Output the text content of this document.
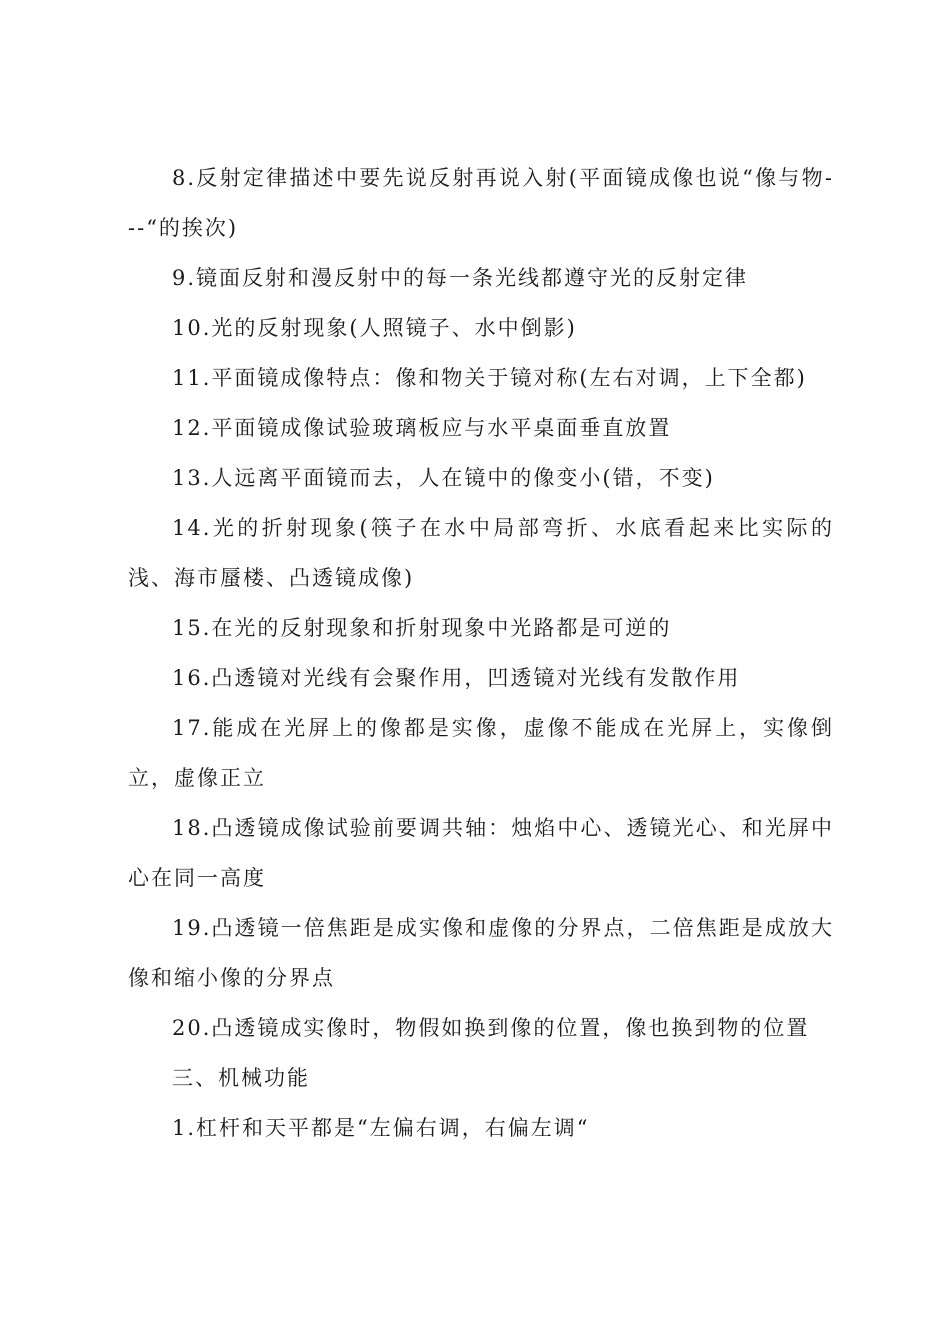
8.反射定律描述中要先说反射再说入射(平面镜成像也说“像与物---“的挨次)

9.镜面反射和漫反射中的每一条光线都遵守光的反射定律

10.光的反射现象(人照镜子、水中倒影)

11.平面镜成像特点：像和物关于镜对称(左右对调，上下全都)

12.平面镜成像试验玻璃板应与水平桌面垂直放置

13.人远离平面镜而去，人在镜中的像变小(错，不变)

14.光的折射现象(筷子在水中局部弯折、水底看起来比实际的浅、海市蜃楼、凸透镜成像)

15.在光的反射现象和折射现象中光路都是可逆的

16.凸透镜对光线有会聚作用，凹透镜对光线有发散作用

17.能成在光屏上的像都是实像，虚像不能成在光屏上，实像倒立，虚像正立

18.凸透镜成像试验前要调共轴：烛焰中心、透镜光心、和光屏中心在同一高度

19.凸透镜一倍焦距是成实像和虚像的分界点，二倍焦距是成放大像和缩小像的分界点

20.凸透镜成实像时，物假如换到像的位置，像也换到物的位置

三、机械功能

1.杠杆和天平都是“左偏右调，右偏左调“
